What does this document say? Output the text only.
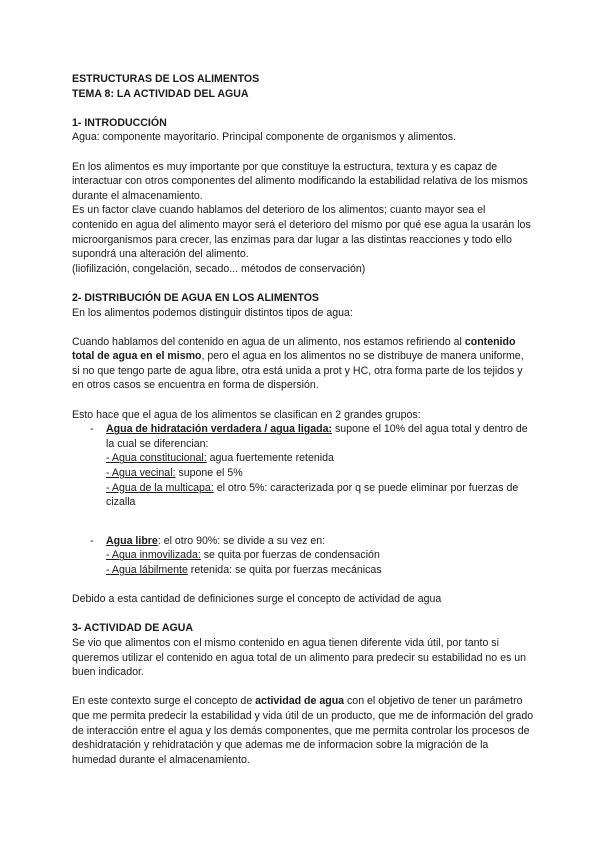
ESTRUCTURAS DE LOS ALIMENTOS

TEMA 8: LA ACTIVIDAD DEL AGUA

1- INTRODUCCIÓN

Agua: componente mayoritario. Principal componente de organismos y alimentos.

En los alimentos es muy importante por que constituye la estructura, textura y es capaz de interactuar con otros componentes del alimento modificando la estabilidad relativa de los mismos durante el almacenamiento.

Es un factor clave cuando hablamos del deterioro de los alimentos; cuanto mayor sea el contenido en agua del alimento mayor será el deterioro del mismo por qué ese agua la usarán los microorganismos para crecer, las enzimas para dar lugar a las distintas reacciones y todo ello supondrá una alteración del alimento.

(liofilización, congelación, secado... métodos de conservación)

2- DISTRIBUCIÓN DE AGUA EN LOS ALIMENTOS

En los alimentos podemos distinguir distintos tipos de agua:

Cuando hablamos del contenido en agua de un alimento, nos estamos refiriendo al contenido total de agua en el mismo, pero el agua en los alimentos no se distribuye de manera uniforme, si no que tengo parte de agua libre, otra está unida a prot y HC, otra forma parte de los tejidos y en otros casos se encuentra en forma de dispersión.

Esto hace que el agua de los alimentos se clasifican en 2 grandes grupos:

- Agua de hidratación verdadera / agua ligada: supone el 10% del agua total y dentro de la cual se diferencian:
- Agua constitucional: agua fuertemente retenida
- Agua vecinal: supone el 5%
- Agua de la multicapa: el otro 5%: caracterizada por q se puede eliminar por fuerzas de cizalla
- Agua libre: el otro 90%: se divide a su vez en:
- Agua inmovilizada: se quita por fuerzas de condensación
- Agua lábilmente retenida: se quita por fuerzas mecánicas

Debido a esta cantidad de definiciones surge el concepto de actividad de agua

3- ACTIVIDAD DE AGUA

Se vio que alimentos con el mismo contenido en agua tienen diferente vida útil, por tanto si queremos utilizar el contenido en agua total de un alimento para predecir su estabilidad no es un buen indicador.

En este contexto surge el concepto de actividad de agua con el objetivo de tener un parámetro que me permita predecir la estabilidad y vida útil de un producto, que me de información del grado de interacción entre el agua y los demás componentes, que me permita controlar los procesos de deshidratación y rehidratación y que ademas me de informacion sobre la migración de la humedad durante el almacenamiento.
